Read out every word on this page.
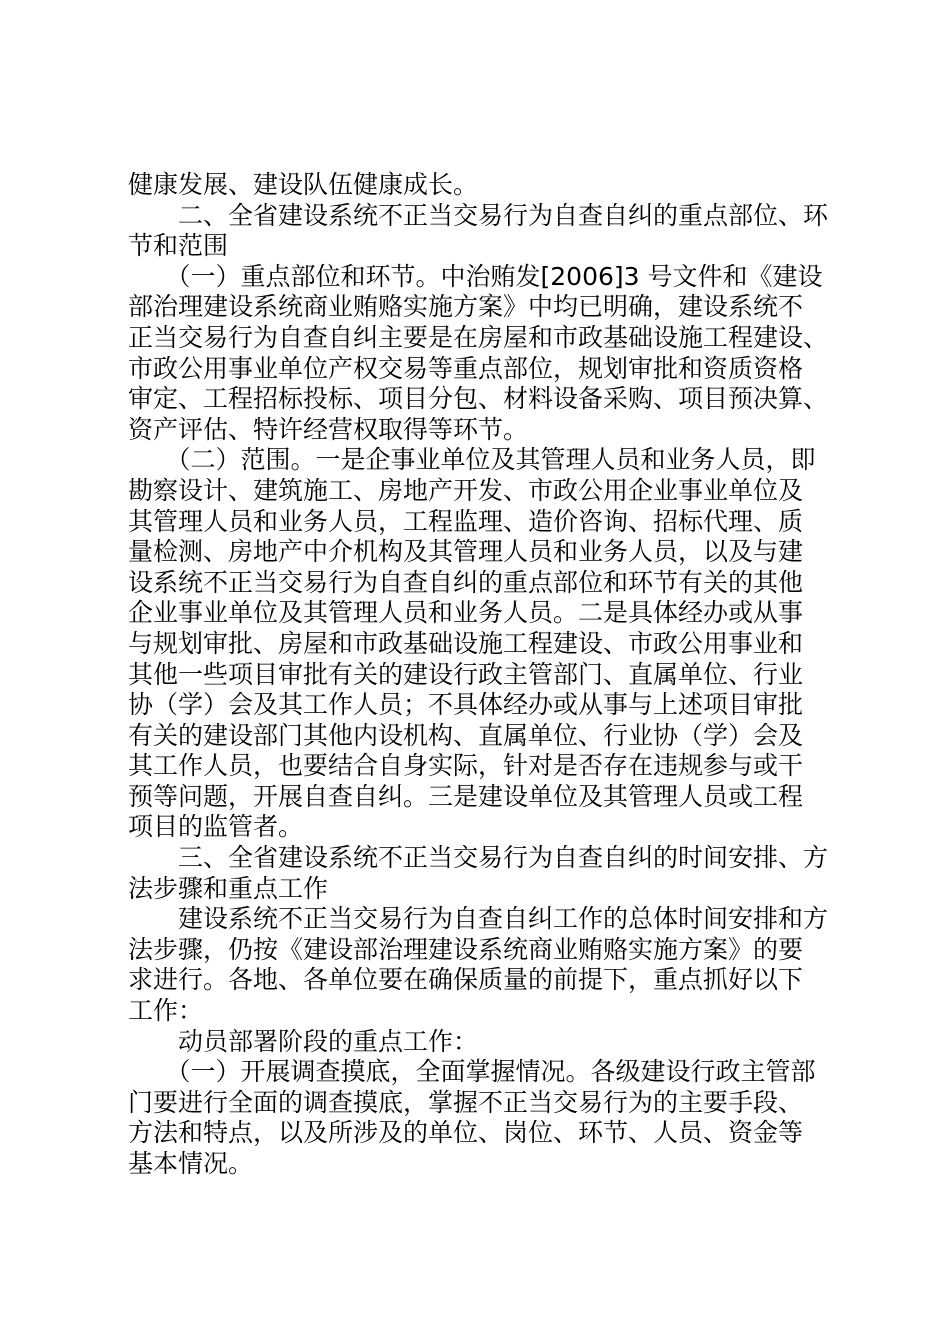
健康发展、建设队伍健康成长。
　　二、全省建设系统不正当交易行为自查自纠的重点部位、环
节和范围
　　（一）重点部位和环节。中治贿发[2006]3 号文件和《建设
部治理建设系统商业贿赂实施方案》中均已明确，建设系统不
正当交易行为自查自纠主要是在房屋和市政基础设施工程建设、
市政公用事业单位产权交易等重点部位，规划审批和资质资格
审定、工程招标投标、项目分包、材料设备采购、项目预决算、
资产评估、特许经营权取得等环节。
　　（二）范围。一是企事业单位及其管理人员和业务人员，即
勘察设计、建筑施工、房地产开发、市政公用企业事业单位及
其管理人员和业务人员，工程监理、造价咨询、招标代理、质
量检测、房地产中介机构及其管理人员和业务人员，以及与建
设系统不正当交易行为自查自纠的重点部位和环节有关的其他
企业事业单位及其管理人员和业务人员。二是具体经办或从事
与规划审批、房屋和市政基础设施工程建设、市政公用事业和
其他一些项目审批有关的建设行政主管部门、直属单位、行业
协（学）会及其工作人员；不具体经办或从事与上述项目审批
有关的建设部门其他内设机构、直属单位、行业协（学）会及
其工作人员，也要结合自身实际，针对是否存在违规参与或干
预等问题，开展自查自纠。三是建设单位及其管理人员或工程
项目的监管者。
　　三、全省建设系统不正当交易行为自查自纠的时间安排、方
法步骤和重点工作
　　建设系统不正当交易行为自查自纠工作的总体时间安排和方
法步骤，仍按《建设部治理建设系统商业贿赂实施方案》的要
求进行。各地、各单位要在确保质量的前提下，重点抓好以下
工作：
　　动员部署阶段的重点工作：
　　（一）开展调查摸底，全面掌握情况。各级建设行政主管部
门要进行全面的调查摸底，掌握不正当交易行为的主要手段、
方法和特点，以及所涉及的单位、岗位、环节、人员、资金等
基本情况。
